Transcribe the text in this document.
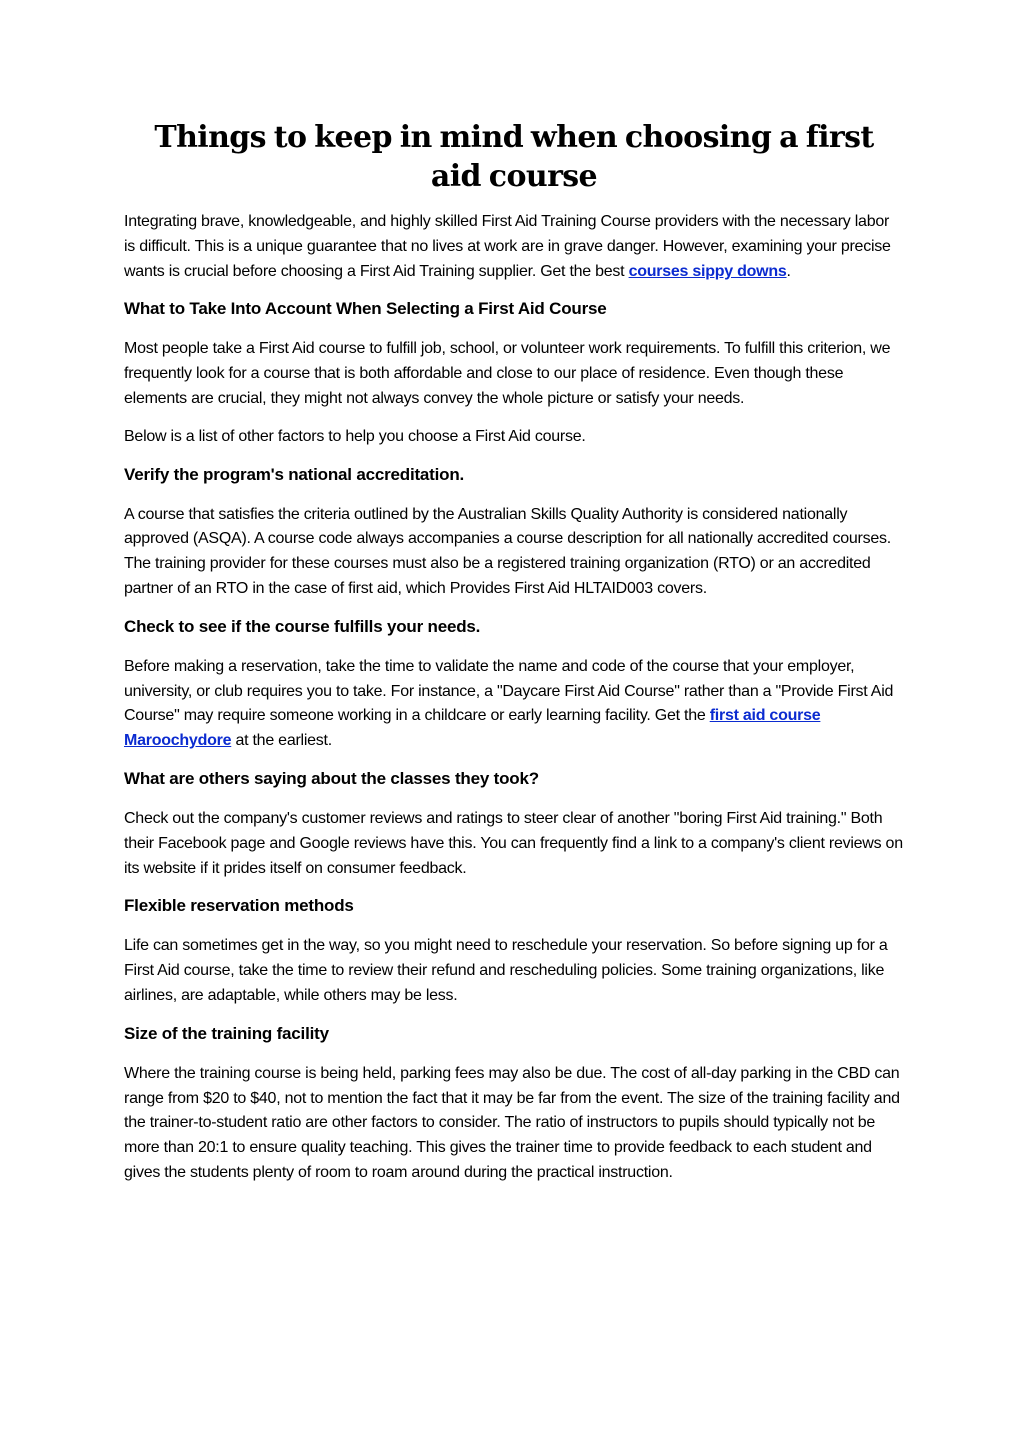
Things to keep in mind when choosing a first aid course

Integrating brave, knowledgeable, and highly skilled First Aid Training Course providers with the necessary labor is difficult. This is a unique guarantee that no lives at work are in grave danger. However, examining your precise wants is crucial before choosing a First Aid Training supplier. Get the best courses sippy downs.

What to Take Into Account When Selecting a First Aid Course

Most people take a First Aid course to fulfill job, school, or volunteer work requirements. To fulfill this criterion, we frequently look for a course that is both affordable and close to our place of residence. Even though these elements are crucial, they might not always convey the whole picture or satisfy your needs.

Below is a list of other factors to help you choose a First Aid course.

Verify the program's national accreditation.

A course that satisfies the criteria outlined by the Australian Skills Quality Authority is considered nationally approved (ASQA). A course code always accompanies a course description for all nationally accredited courses. The training provider for these courses must also be a registered training organization (RTO) or an accredited partner of an RTO in the case of first aid, which Provides First Aid HLTAID003 covers.

Check to see if the course fulfills your needs.

Before making a reservation, take the time to validate the name and code of the course that your employer, university, or club requires you to take. For instance, a "Daycare First Aid Course" rather than a "Provide First Aid Course" may require someone working in a childcare or early learning facility. Get the first aid course Maroochydore at the earliest.

What are others saying about the classes they took?

Check out the company's customer reviews and ratings to steer clear of another "boring First Aid training." Both their Facebook page and Google reviews have this. You can frequently find a link to a company's client reviews on its website if it prides itself on consumer feedback.

Flexible reservation methods

Life can sometimes get in the way, so you might need to reschedule your reservation. So before signing up for a First Aid course, take the time to review their refund and rescheduling policies. Some training organizations, like airlines, are adaptable, while others may be less.

Size of the training facility

Where the training course is being held, parking fees may also be due. The cost of all-day parking in the CBD can range from $20 to $40, not to mention the fact that it may be far from the event. The size of the training facility and the trainer-to-student ratio are other factors to consider. The ratio of instructors to pupils should typically not be more than 20:1 to ensure quality teaching. This gives the trainer time to provide feedback to each student and gives the students plenty of room to roam around during the practical instruction.
